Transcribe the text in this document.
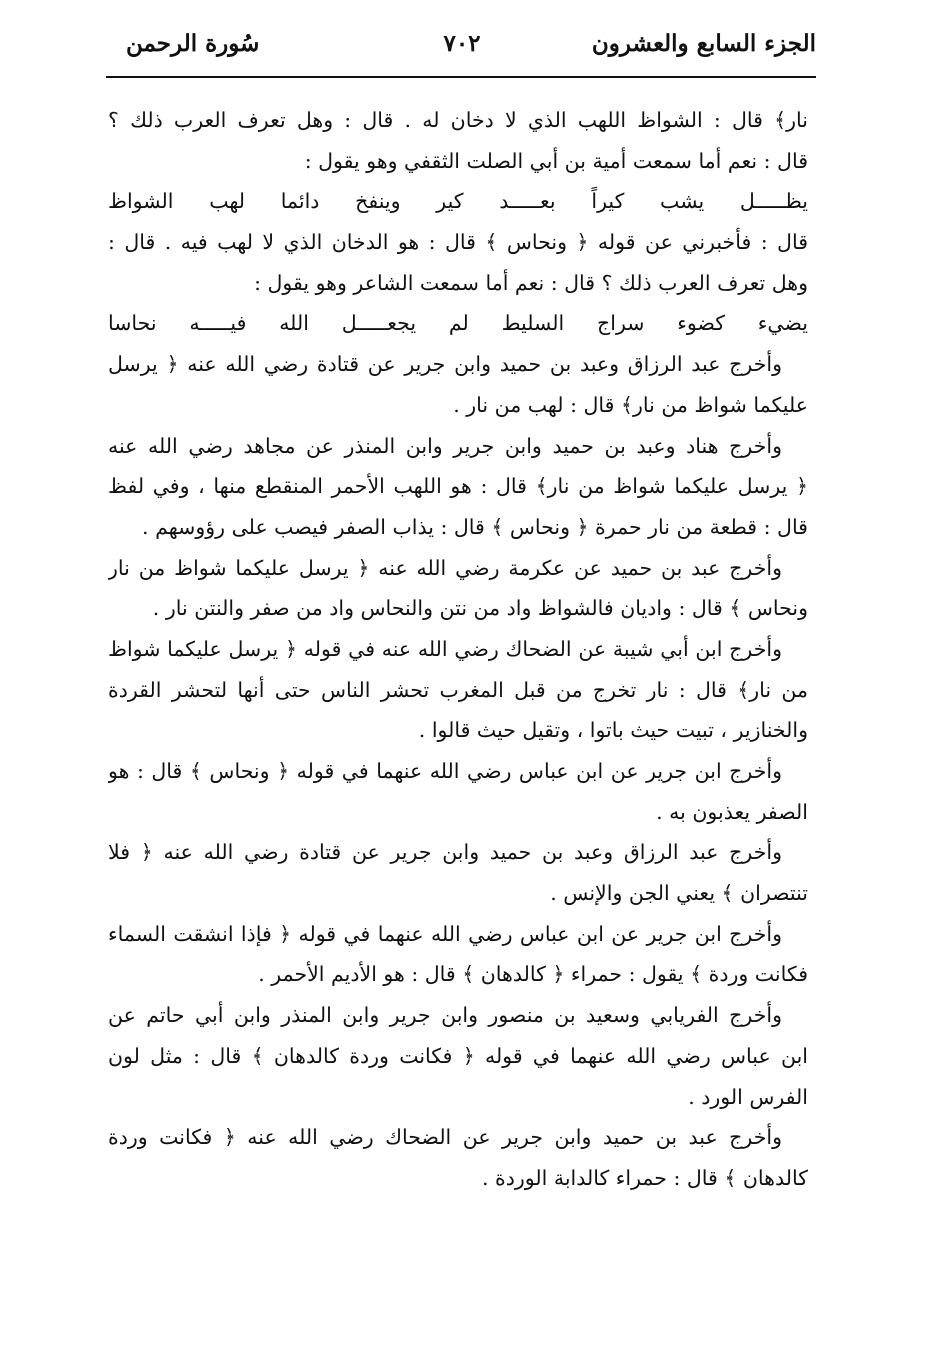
الجزء السابع والعشرون
٧٠٢
سُورة الرحمن
نار﴾ قال : الشواظ اللهب الذي لا دخان له . قال : وهل تعرف العرب ذلك ؟
قال : نعم أما سمعت أمية بن أبي الصلت الثقفي وهو يقول :
يظـــــل يشب كيراً بعـــــد كير وينفخ دائما لهب الشواظ
قال : فأخبرني عن قوله ﴿ ونحاس ﴾ قال : هو الدخان الذي لا لهب فيه . قال :
وهل تعرف العرب ذلك ؟ قال : نعم أما سمعت الشاعر وهو يقول :
يضيء كضوء سراج السليط لم يجعـــــل الله فيـــــه نحاسا
وأخرج عبد الرزاق وعبد بن حميد وابن جرير عن قتادة رضي الله عنه ﴿ يرسل
عليكما شواظ من نار﴾ قال : لهب من نار .
وأخرج هناد وعبد بن حميد وابن جرير وابن المنذر عن مجاهد رضي الله عنه
﴿ يرسل عليكما شواظ من نار﴾ قال : هو اللهب الأحمر المنقطع منها ، وفي لفظ
قال : قطعة من نار حمرة ﴿ ونحاس ﴾ قال : يذاب الصفر فيصب على رؤوسهم .
وأخرج عبد بن حميد عن عكرمة رضي الله عنه ﴿ يرسل عليكما شواظ من نار
ونحاس ﴾ قال : واديان فالشواظ واد من نتن والنحاس واد من صفر والنتن نار .
وأخرج ابن أبي شيبة عن الضحاك رضي الله عنه في قوله ﴿ يرسل عليكما شواظ
من نار﴾ قال : نار تخرج من قبل المغرب تحشر الناس حتى أنها لتحشر القردة
والخنازير ، تبيت حيث باتوا ، وتقيل حيث قالوا .
وأخرج ابن جرير عن ابن عباس رضي الله عنهما في قوله ﴿ ونحاس ﴾ قال : هو
الصفر يعذبون به .
وأخرج عبد الرزاق وعبد بن حميد وابن جرير عن قتادة رضي الله عنه ﴿ فلا
تنتصران ﴾ يعني الجن والإنس .
وأخرج ابن جرير عن ابن عباس رضي الله عنهما في قوله ﴿ فإذا انشقت السماء
فكانت وردة ﴾ يقول : حمراء ﴿ كالدهان ﴾ قال : هو الأديم الأحمر .
وأخرج الفريابي وسعيد بن منصور وابن جرير وابن المنذر وابن أبي حاتم عن
ابن عباس رضي الله عنهما في قوله ﴿ فكانت وردة كالدهان ﴾ قال : مثل لون
الفرس الورد .
وأخرج عبد بن حميد وابن جرير عن الضحاك رضي الله عنه ﴿ فكانت وردة
كالدهان ﴾ قال : حمراء كالدابة الوردة .
